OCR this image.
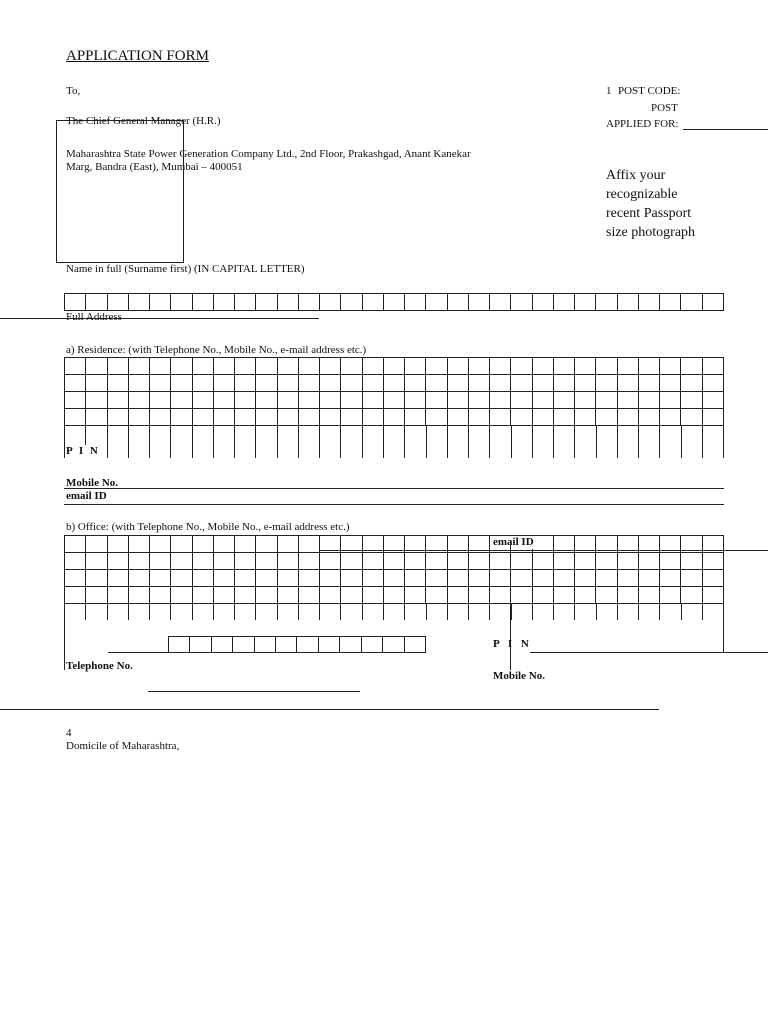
APPLICATION FORM
To,
The Chief General Manager (H.R.)
Maharashtra State Power Generation Company Ltd., 2nd Floor, Prakashgad, Anant Kanekar
Marg, Bandra (East), Mumbai – 400051
1 POST CODE:
POST
APPLIED FOR:
Affix your
recognizable
recent Passport
size photograph
Name in full (Surname first) (IN CAPITAL LETTER)
Full Address
a) Residence: (with Telephone No., Mobile No., e-mail address etc.)
P I N
Mobile No.
email ID
b) Office: (with Telephone No., Mobile No., e-mail address etc.)
email ID
P I N
Telephone No.
Mobile No.
4
Domicile of Maharashtra,
